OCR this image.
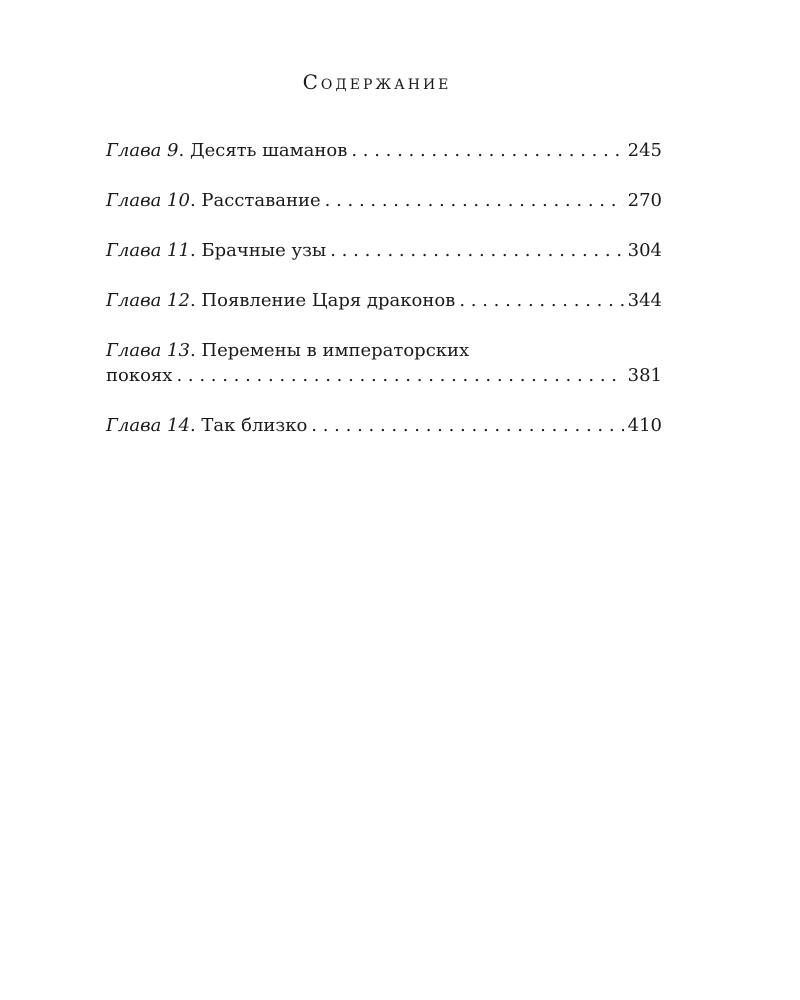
Содержание
Глава 9 . Десять шаманов . . .	245
Глава 10 . Расставание . . .	270
Глава 11 . Брачные узы . . .	304
Глава 12 . Появление Царя драконов . . .	344
Глава 13 . Перемены в императорских
покоях . . .	381
Глава 14 . Так близко . . .	410
